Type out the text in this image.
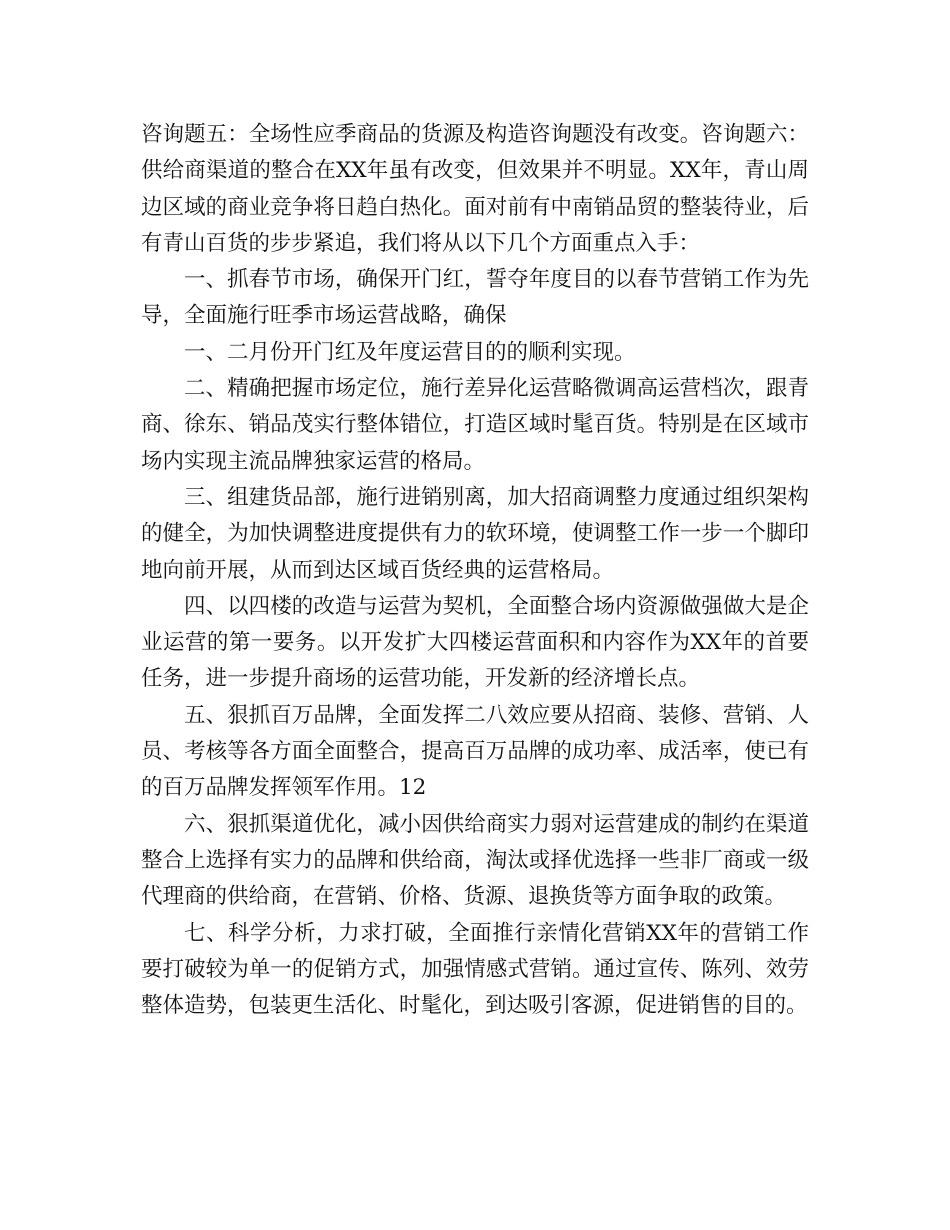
咨询题五：全场性应季商品的货源及构造咨询题没有改变。咨询题六：供给商渠道的整合在XX年虽有改变，但效果并不明显。XX年，青山周边区域的商业竞争将日趋白热化。面对前有中南销品贸的整装待业，后有青山百货的步步紧追，我们将从以下几个方面重点入手：

一、抓春节市场，确保开门红，誓夺年度目的以春节营销工作为先导，全面施行旺季市场运营战略，确保

一、二月份开门红及年度运营目的的顺利实现。

二、精确把握市场定位，施行差异化运营略微调高运营档次，跟青商、徐东、销品茂实行整体错位，打造区域时髦百货。特别是在区域市场内实现主流品牌独家运营的格局。

三、组建货品部，施行进销别离，加大招商调整力度通过组织架构的健全，为加快调整进度提供有力的软环境，使调整工作一步一个脚印地向前开展，从而到达区域百货经典的运营格局。

四、以四楼的改造与运营为契机，全面整合场内资源做强做大是企业运营的第一要务。以开发扩大四楼运营面积和内容作为XX年的首要任务，进一步提升商场的运营功能，开发新的经济增长点。

五、狠抓百万品牌，全面发挥二八效应要从招商、装修、营销、人员、考核等各方面全面整合，提高百万品牌的成功率、成活率，使已有的百万品牌发挥领军作用。12

六、狠抓渠道优化，减小因供给商实力弱对运营建成的制约在渠道整合上选择有实力的品牌和供给商，淘汰或择优选择一些非厂商或一级代理商的供给商，在营销、价格、货源、退换货等方面争取的政策。

七、科学分析，力求打破，全面推行亲情化营销XX年的营销工作要打破较为单一的促销方式，加强情感式营销。通过宣传、陈列、效劳整体造势，包装更生活化、时髦化，到达吸引客源，促进销售的目的。
